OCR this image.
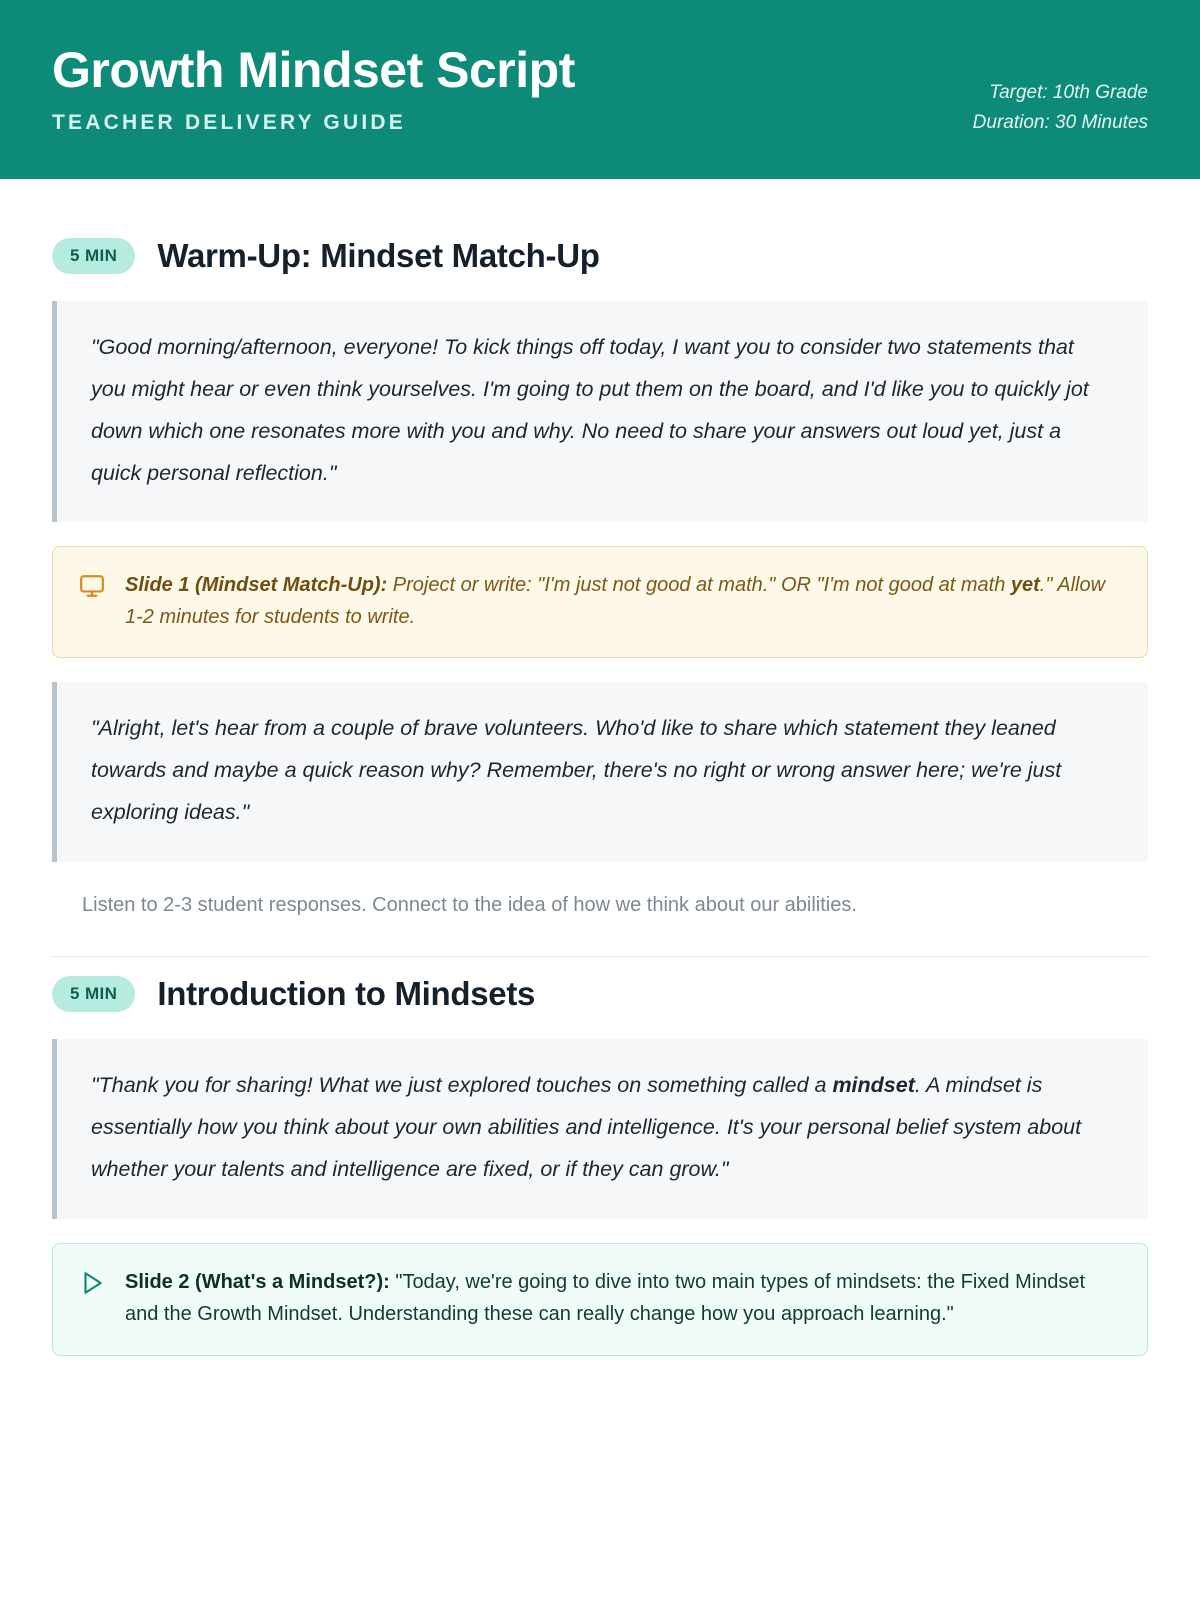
Growth Mindset Script
TEACHER DELIVERY GUIDE
Target: 10th Grade
Duration: 30 Minutes
5 MIN	Warm-Up: Mindset Match-Up

"Good morning/afternoon, everyone! To kick things off today, I want you to consider two statements that you might hear or even think yourselves. I'm going to put them on the board, and I'd like you to quickly jot down which one resonates more with you and why. No need to share your answers out loud yet, just a quick personal reflection."

Slide 1 (Mindset Match-Up): Project or write: "I'm just not good at math." OR "I'm not good at math yet." Allow 1-2 minutes for students to write.

"Alright, let's hear from a couple of brave volunteers. Who'd like to share which statement they leaned towards and maybe a quick reason why? Remember, there's no right or wrong answer here; we're just exploring ideas."

Listen to 2-3 student responses. Connect to the idea of how we think about our abilities.
5 MIN	Introduction to Mindsets

"Thank you for sharing! What we just explored touches on something called a mindset. A mindset is essentially how you think about your own abilities and intelligence. It's your personal belief system about whether your talents and intelligence are fixed, or if they can grow."

Slide 2 (What's a Mindset?): "Today, we're going to dive into two main types of mindsets: the Fixed Mindset and the Growth Mindset. Understanding these can really change how you approach learning."
